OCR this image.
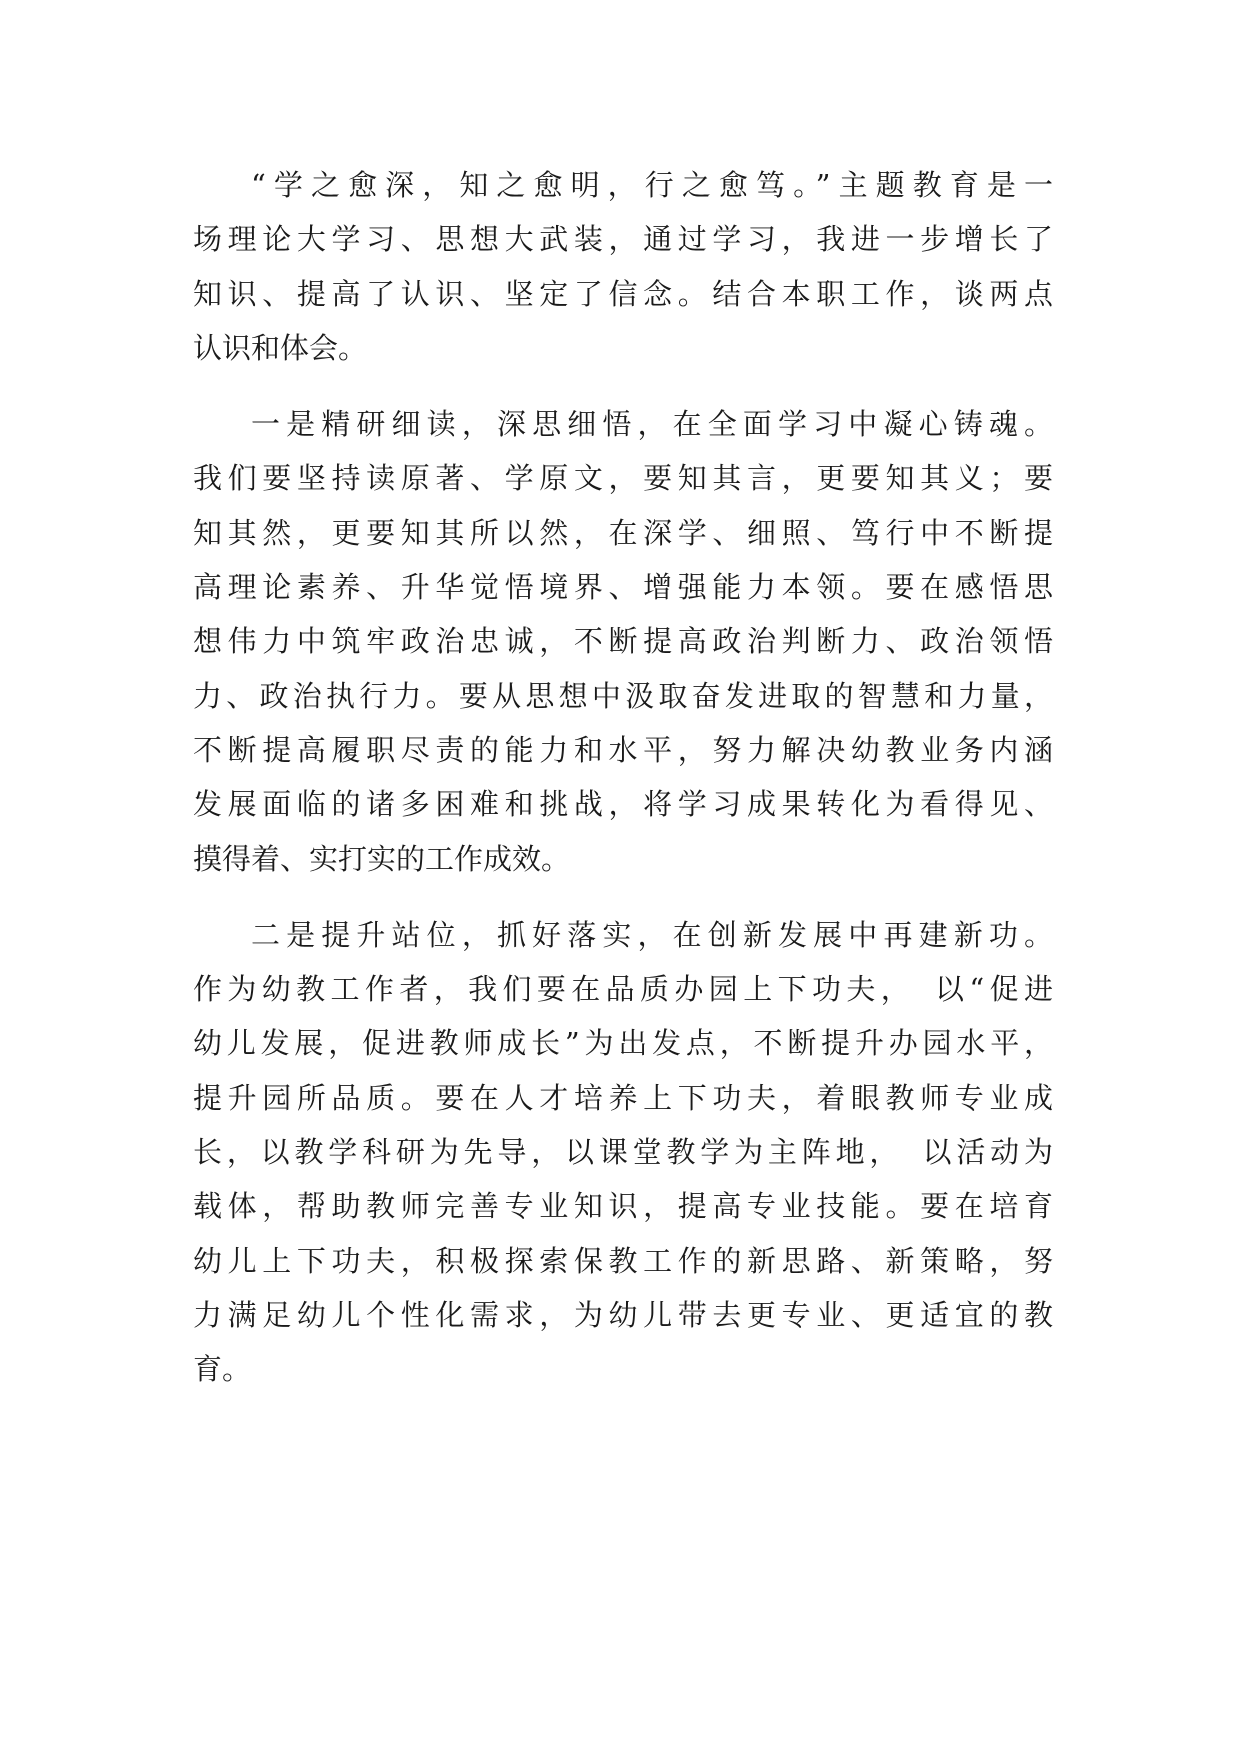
“学之愈深，知之愈明，行之愈笃。”主题教育是一
场理论大学习、思想大武装，通过学习，我进一步增长了
知识、提高了认识、坚定了信念。结合本职工作，谈两点
认识和体会。

一是精研细读，深思细悟，在全面学习中凝心铸魂。
我们要坚持读原著、学原文，要知其言，更要知其义；要
知其然，更要知其所以然，在深学、细照、笃行中不断提
高理论素养、升华觉悟境界、增强能力本领。要在感悟思
想伟力中筑牢政治忠诚，不断提高政治判断力、政治领悟
力、政治执行力。要从思想中汲取奋发进取的智慧和力量，
不断提高履职尽责的能力和水平，努力解决幼教业务内涵
发展面临的诸多困难和挑战，将学习成果转化为看得见、
摸得着、实打实的工作成效。

二是提升站位，抓好落实，在创新发展中再建新功。
作为幼教工作者，我们要在品质办园上下功夫，　以“促进
幼儿发展，促进教师成长”为出发点，不断提升办园水平，
提升园所品质。要在人才培养上下功夫，着眼教师专业成
长，以教学科研为先导，以课堂教学为主阵地，　以活动为
载体，帮助教师完善专业知识，提高专业技能。要在培育
幼儿上下功夫，积极探索保教工作的新思路、新策略，努
力满足幼儿个性化需求，为幼儿带去更专业、更适宜的教
育。
